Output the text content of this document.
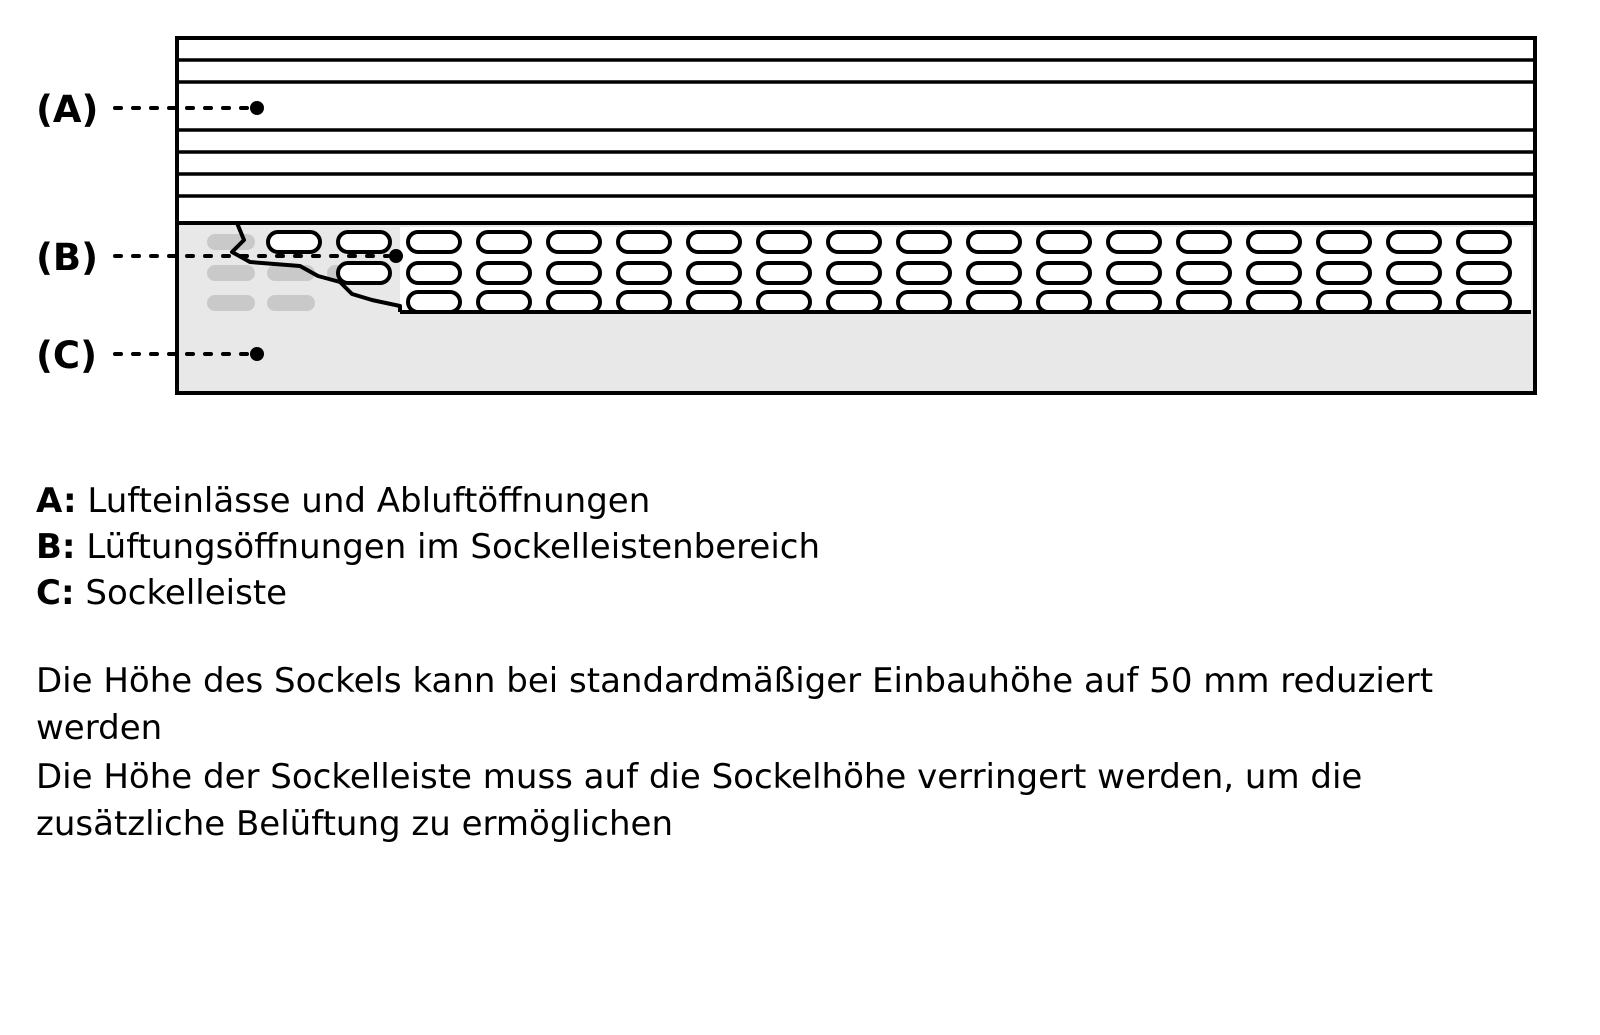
(A)
(B)
(C)
A: Lufteinlässe und Abluftöffnungen
B: Lüftungsöffnungen im Sockelleistenbereich
C: Sockelleiste
Die Höhe des Sockels kann bei standardmäßiger Einbauhöhe auf 50 mm reduziert werden
Die Höhe der Sockelleiste muss auf die Sockelhöhe verringert werden, um die zusätzliche Belüftung zu ermöglichen
